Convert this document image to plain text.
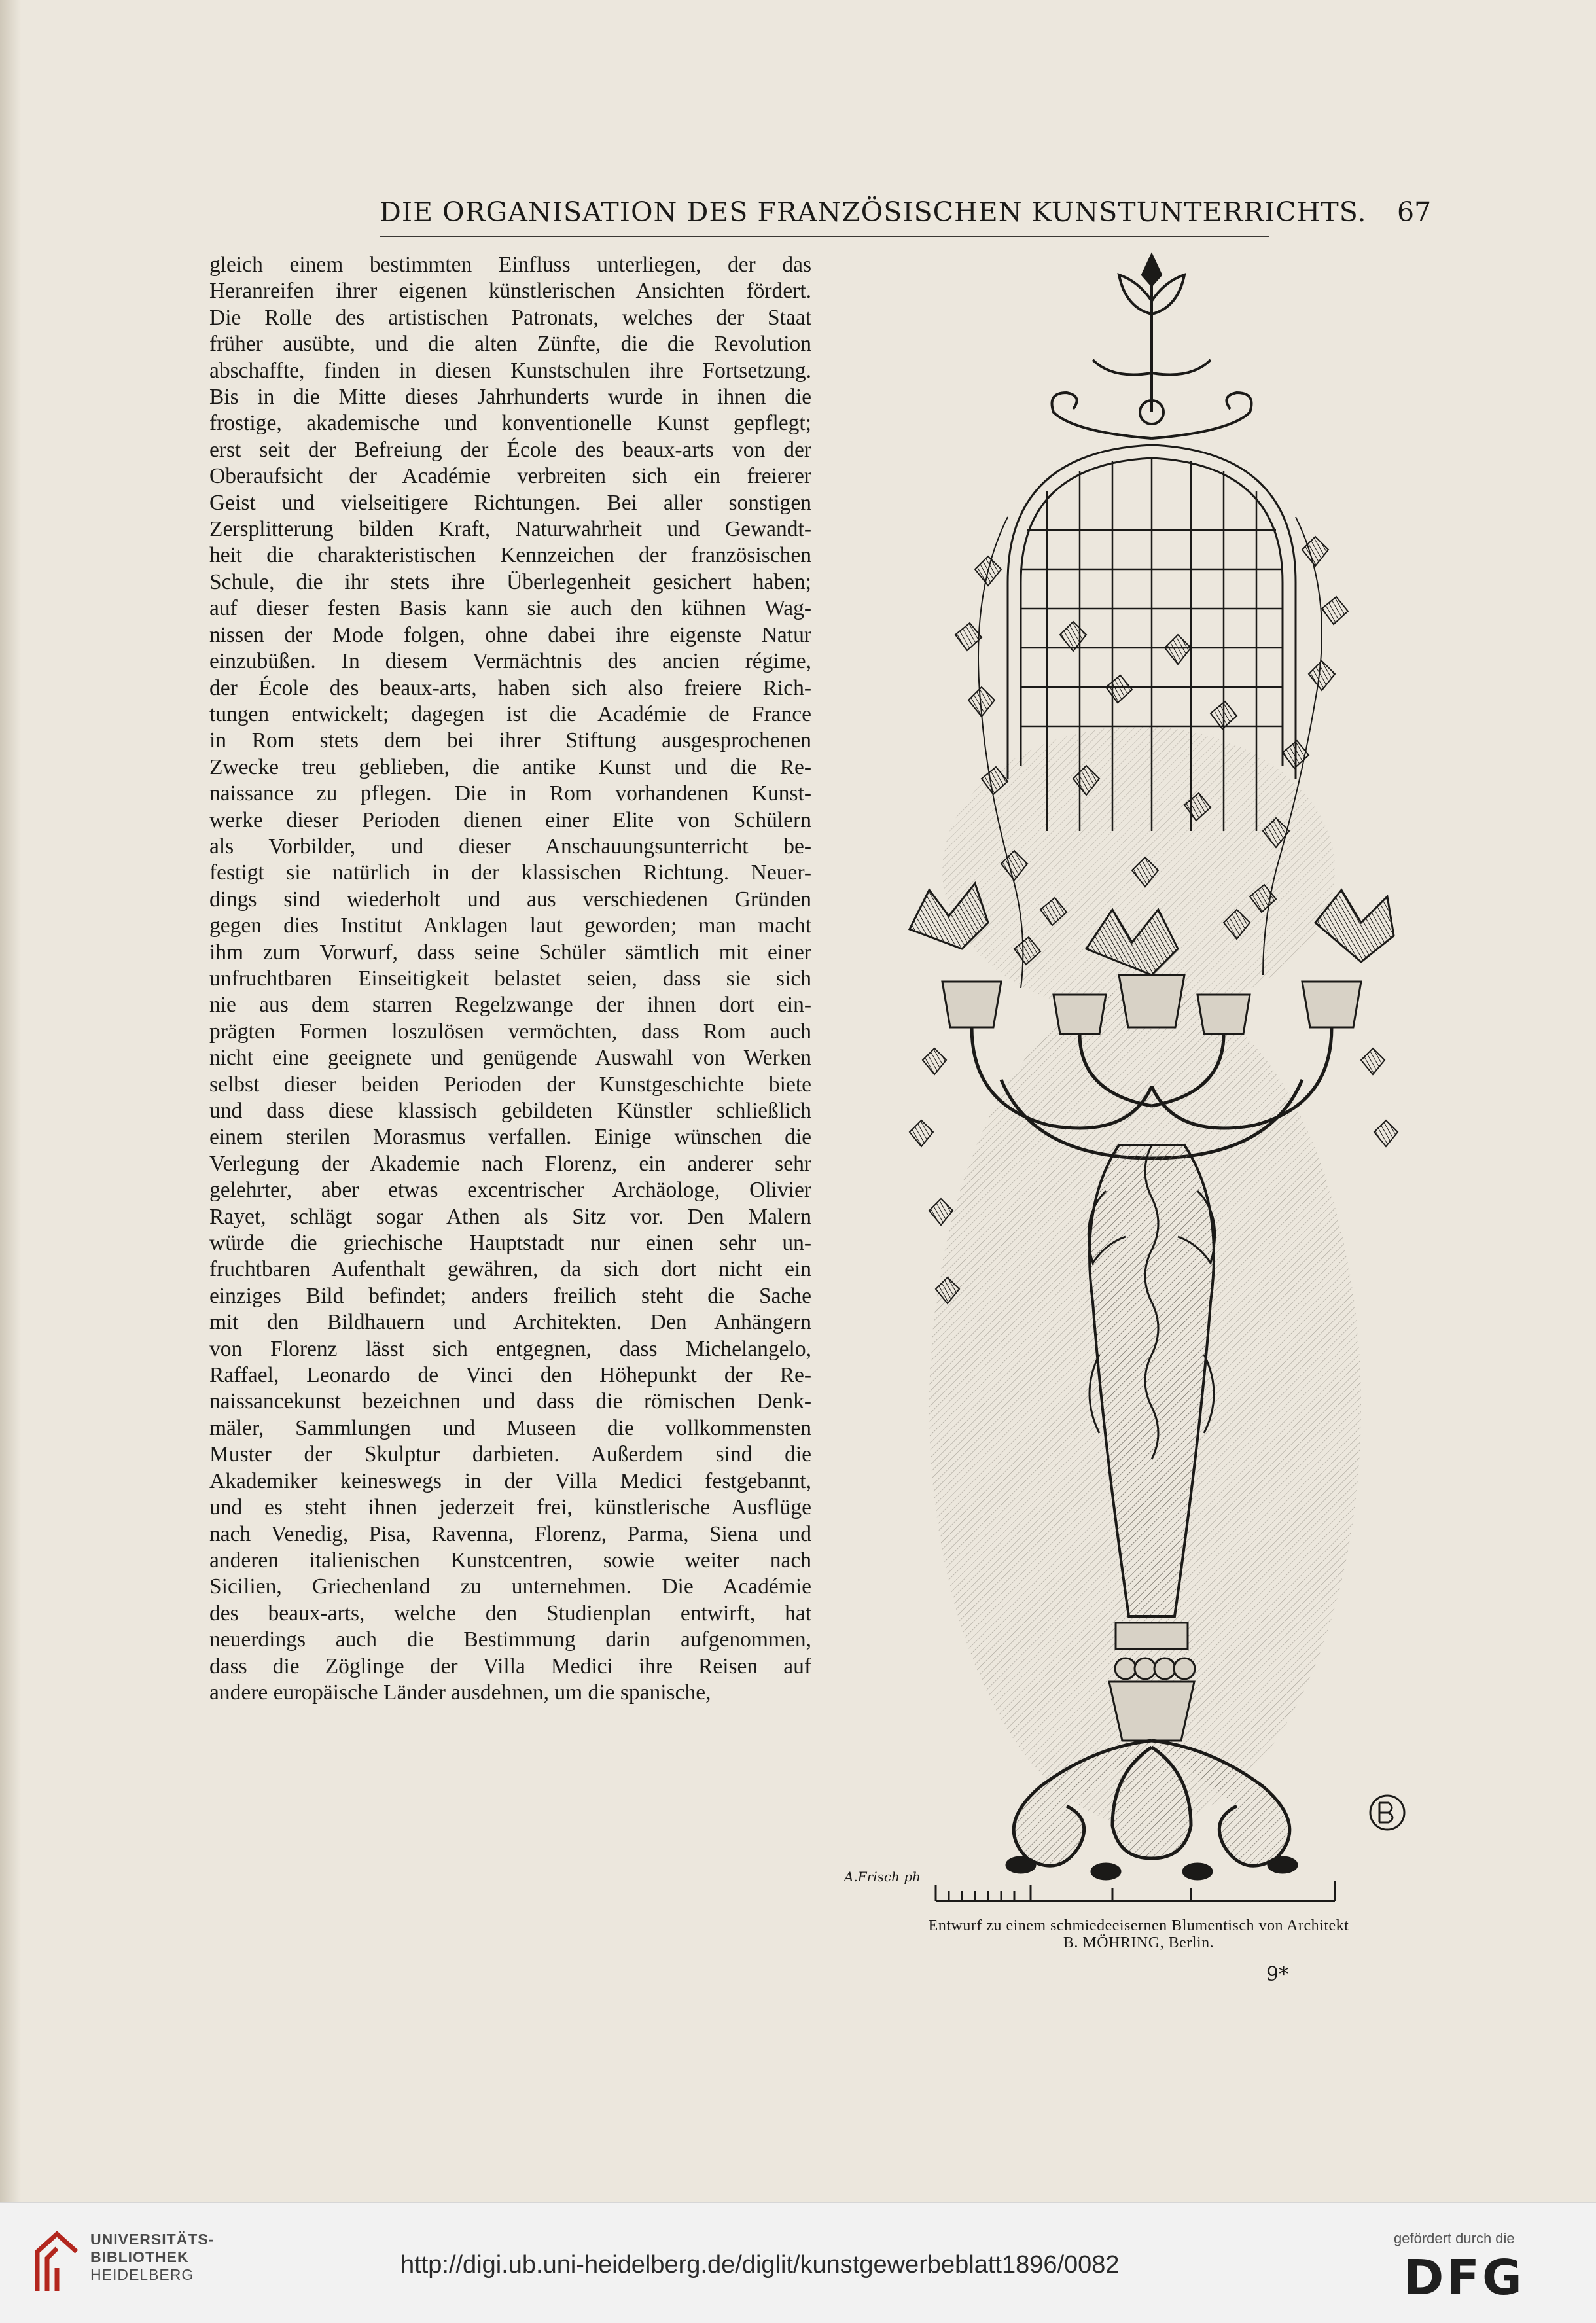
DIE ORGANISATION DES FRANZÖSISCHEN KUNSTUNTERRICHTS.	67
gleich einem bestimmten Einfluss unterliegen, der das
Heranreifen ihrer eigenen künstlerischen Ansichten fördert.
Die Rolle des artistischen Patronats, welches der Staat
früher ausübte, und die alten Zünfte, die die Revolution
abschaffte, finden in diesen Kunstschulen ihre Fortsetzung.
Bis in die Mitte dieses Jahrhunderts wurde in ihnen die
frostige, akademische und konventionelle Kunst gepflegt;
erst seit der Befreiung der École des beaux-arts von der
Oberaufsicht der Académie verbreiten sich ein freierer
Geist und vielseitigere Richtungen. Bei aller sonstigen
Zersplitterung bilden Kraft, Naturwahrheit und Gewandt-
heit die charakteristischen Kennzeichen der französischen
Schule, die ihr stets ihre Überlegenheit gesichert haben;
auf dieser festen Basis kann sie auch den kühnen Wag-
nissen der Mode folgen, ohne dabei ihre eigenste Natur
einzubüßen. In diesem Vermächtnis des ancien régime,
der École des beaux-arts, haben sich also freiere Rich-
tungen entwickelt; dagegen ist die Académie de France
in Rom stets dem bei ihrer Stiftung ausgesprochenen
Zwecke treu geblieben, die antike Kunst und die Re-
naissance zu pflegen. Die in Rom vorhandenen Kunst-
werke dieser Perioden dienen einer Elite von Schülern
als Vorbilder, und dieser Anschauungsunterricht be-
festigt sie natürlich in der klassischen Richtung. Neuer-
dings sind wiederholt und aus verschiedenen Gründen
gegen dies Institut Anklagen laut geworden; man macht
ihm zum Vorwurf, dass seine Schüler sämtlich mit einer
unfruchtbaren Einseitigkeit belastet seien, dass sie sich
nie aus dem starren Regelzwange der ihnen dort ein-
prägten Formen loszulösen vermöchten, dass Rom auch
nicht eine geeignete und genügende Auswahl von Werken
selbst dieser beiden Perioden der Kunstgeschichte biete
und dass diese klassisch gebildeten Künstler schließlich
einem sterilen Morasmus verfallen. Einige wünschen die
Verlegung der Akademie nach Florenz, ein anderer sehr
gelehrter, aber etwas excentrischer Archäologe, Olivier
Rayet, schlägt sogar Athen als Sitz vor. Den Malern
würde die griechische Hauptstadt nur einen sehr un-
fruchtbaren Aufenthalt gewähren, da sich dort nicht ein
einziges Bild befindet; anders freilich steht die Sache
mit den Bildhauern und Architekten. Den Anhängern
von Florenz lässt sich entgegnen, dass Michelangelo,
Raffael, Leonardo de Vinci den Höhepunkt der Re-
naissancekunst bezeichnen und dass die römischen Denk-
mäler, Sammlungen und Museen die vollkommensten
Muster der Skulptur darbieten. Außerdem sind die
Akademiker keineswegs in der Villa Medici festgebannt,
und es steht ihnen jederzeit frei, künstlerische Ausflüge
nach Venedig, Pisa, Ravenna, Florenz, Parma, Siena und
anderen italienischen Kunstcentren, sowie weiter nach
Sicilien, Griechenland zu unternehmen. Die Académie
des beaux-arts, welche den Studienplan entwirft, hat
neuerdings auch die Bestimmung darin aufgenommen,
dass die Zöglinge der Villa Medici ihre Reisen auf
andere europäische Länder ausdehnen, um die spanische,
A.Frisch ph
Entwurf zu einem schmiedeeisernen Blumentisch von Architekt
B. MÖHRING, Berlin.
9*
UNIVERSITÄTS-
BIBLIOTHEK
HEIDELBERG	http://digi.ub.uni-heidelberg.de/diglit/kunstgewerbeblatt1896/0082
gefördert durch die
DFG
